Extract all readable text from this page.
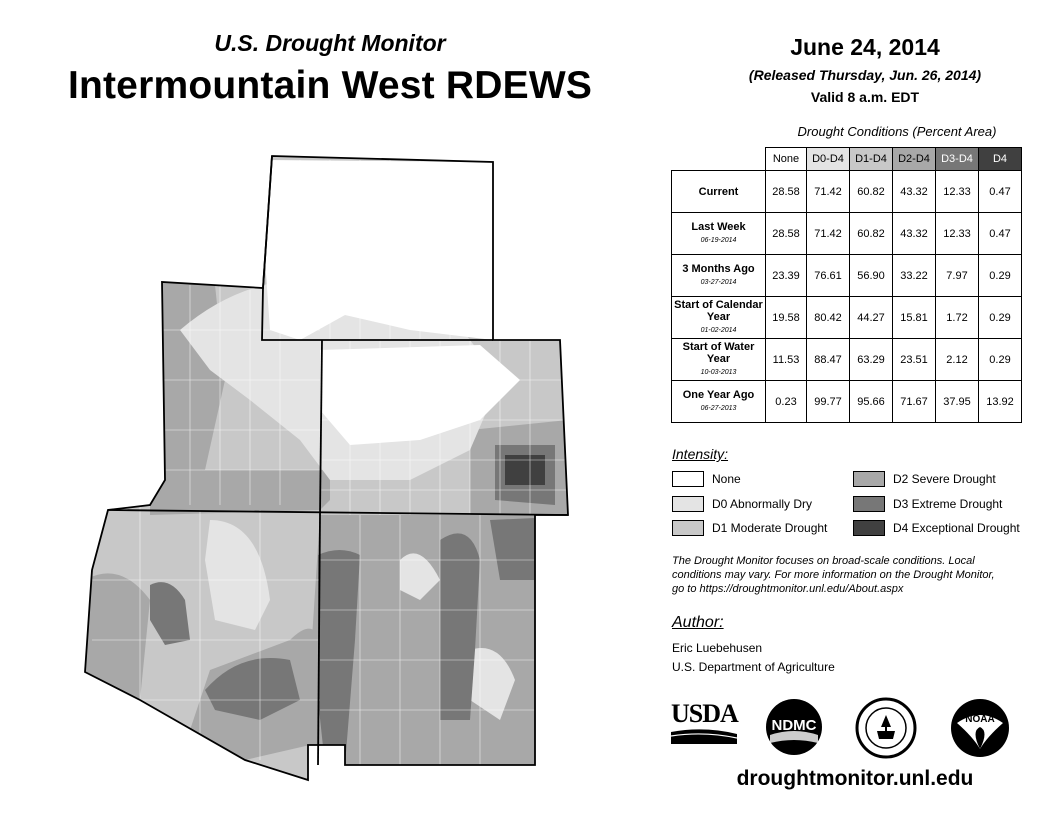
U.S. Drought Monitor
Intermountain West RDEWS
June 24, 2014
(Released Thursday, Jun. 26, 2014)
Valid 8 a.m. EDT
Drought Conditions (Percent Area)
	None	D0-D4	D1-D4	D2-D4	D3-D4	D4
Current	28.58	71.42	60.82	43.32	12.33	0.47
Last Week
06-19-2014	28.58	71.42	60.82	43.32	12.33	0.47
3 Months Ago
03-27-2014	23.39	76.61	56.90	33.22	7.97	0.29
Start of Calendar Year
01-02-2014	19.58	80.42	44.27	15.81	1.72	0.29
Start of Water Year
10-03-2013	11.53	88.47	63.29	23.51	2.12	0.29
One Year Ago
06-27-2013	0.23	99.77	95.66	71.67	37.95	13.92
Intensity:
None
D0 Abnormally Dry
D1 Moderate Drought
D2 Severe Drought
D3 Extreme Drought
D4 Exceptional Drought
The Drought Monitor focuses on broad-scale conditions. Local conditions may vary. For more information on the Drought Monitor, go to https://droughtmonitor.unl.edu/About.aspx
Author:
Eric Luebehusen
U.S. Department of Agriculture
USDA	NDMC	NOAA
droughtmonitor.unl.edu
